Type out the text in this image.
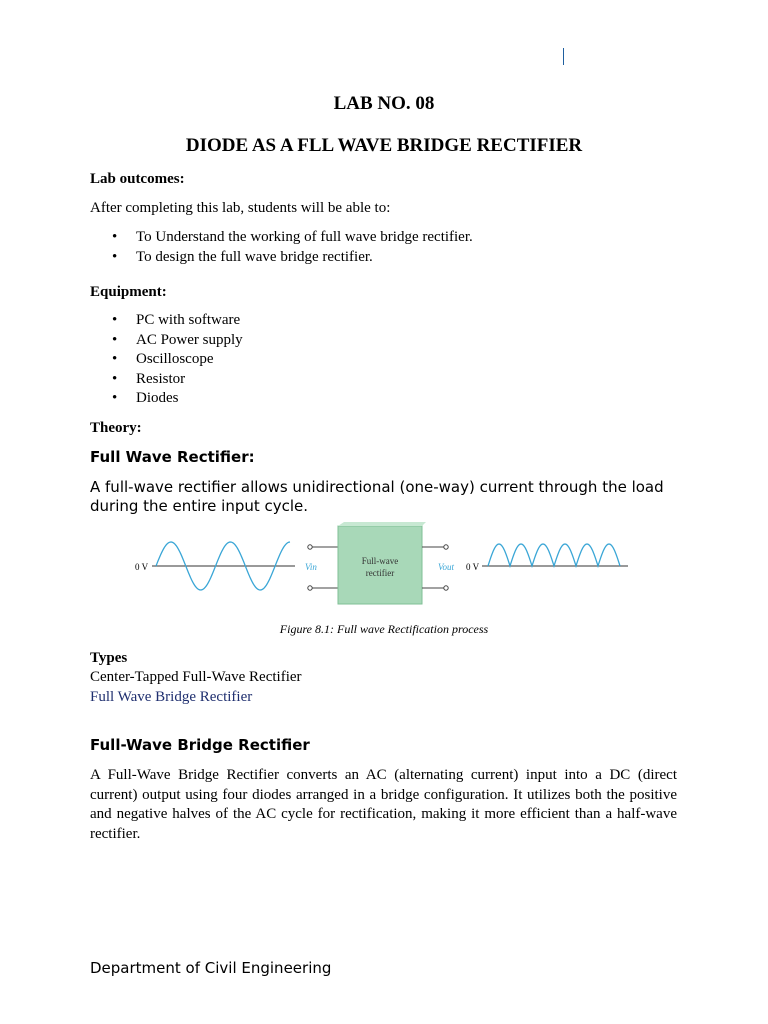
LAB NO. 08
DIODE AS A FLL WAVE BRIDGE RECTIFIER
Lab outcomes:
After completing this lab, students will be able to:
• To Understand the working of full wave bridge rectifier.
• To design the full wave bridge rectifier.
Equipment:
• PC with software
• AC Power supply
• Oscilloscope
• Resistor
• Diodes
Theory:
Full Wave Rectifier:
A full-wave rectifier allows unidirectional (one-way) current through the load during the entire input cycle.
0 V	Vin
Full-wave
rectifier
Vout 0 V
Figure 8.1: Full wave Rectification process
Types
Center-Tapped Full-Wave Rectifier
Full Wave Bridge Rectifier
Full-Wave Bridge Rectifier
A Full-Wave Bridge Rectifier converts an AC (alternating current) input into a DC (direct current) output using four diodes arranged in a bridge configuration. It utilizes both the positive and negative halves of the AC cycle for rectification, making it more efficient than a half-wave rectifier.
Department of Civil Engineering
